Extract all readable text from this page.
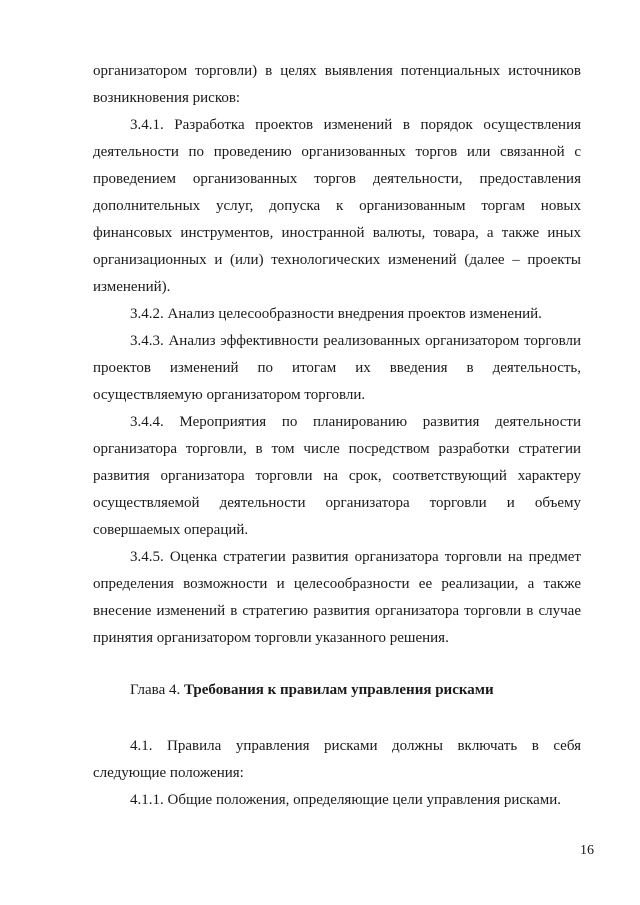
организатором торговли) в целях выявления потенциальных источников возникновения рисков:

3.4.1. Разработка проектов изменений в порядок осуществления деятельности по проведению организованных торгов или связанной с проведением организованных торгов деятельности, предоставления дополнительных услуг, допуска к организованным торгам новых финансовых инструментов, иностранной валюты, товара, а также иных организационных и (или) технологических изменений (далее – проекты изменений).

3.4.2. Анализ целесообразности внедрения проектов изменений.

3.4.3. Анализ эффективности реализованных организатором торговли проектов изменений по итогам их введения в деятельность, осуществляемую организатором торговли.

3.4.4. Мероприятия по планированию развития деятельности организатора торговли, в том числе посредством разработки стратегии развития организатора торговли на срок, соответствующий характеру осуществляемой деятельности организатора торговли и объему совершаемых операций.

3.4.5. Оценка стратегии развития организатора торговли на предмет определения возможности и целесообразности ее реализации, а также внесение изменений в стратегию развития организатора торговли в случае принятия организатором торговли указанного решения.

Глава 4. Требования к правилам управления рисками

4.1. Правила управления рисками должны включать в себя следующие положения:

4.1.1. Общие положения, определяющие цели управления рисками.

16
